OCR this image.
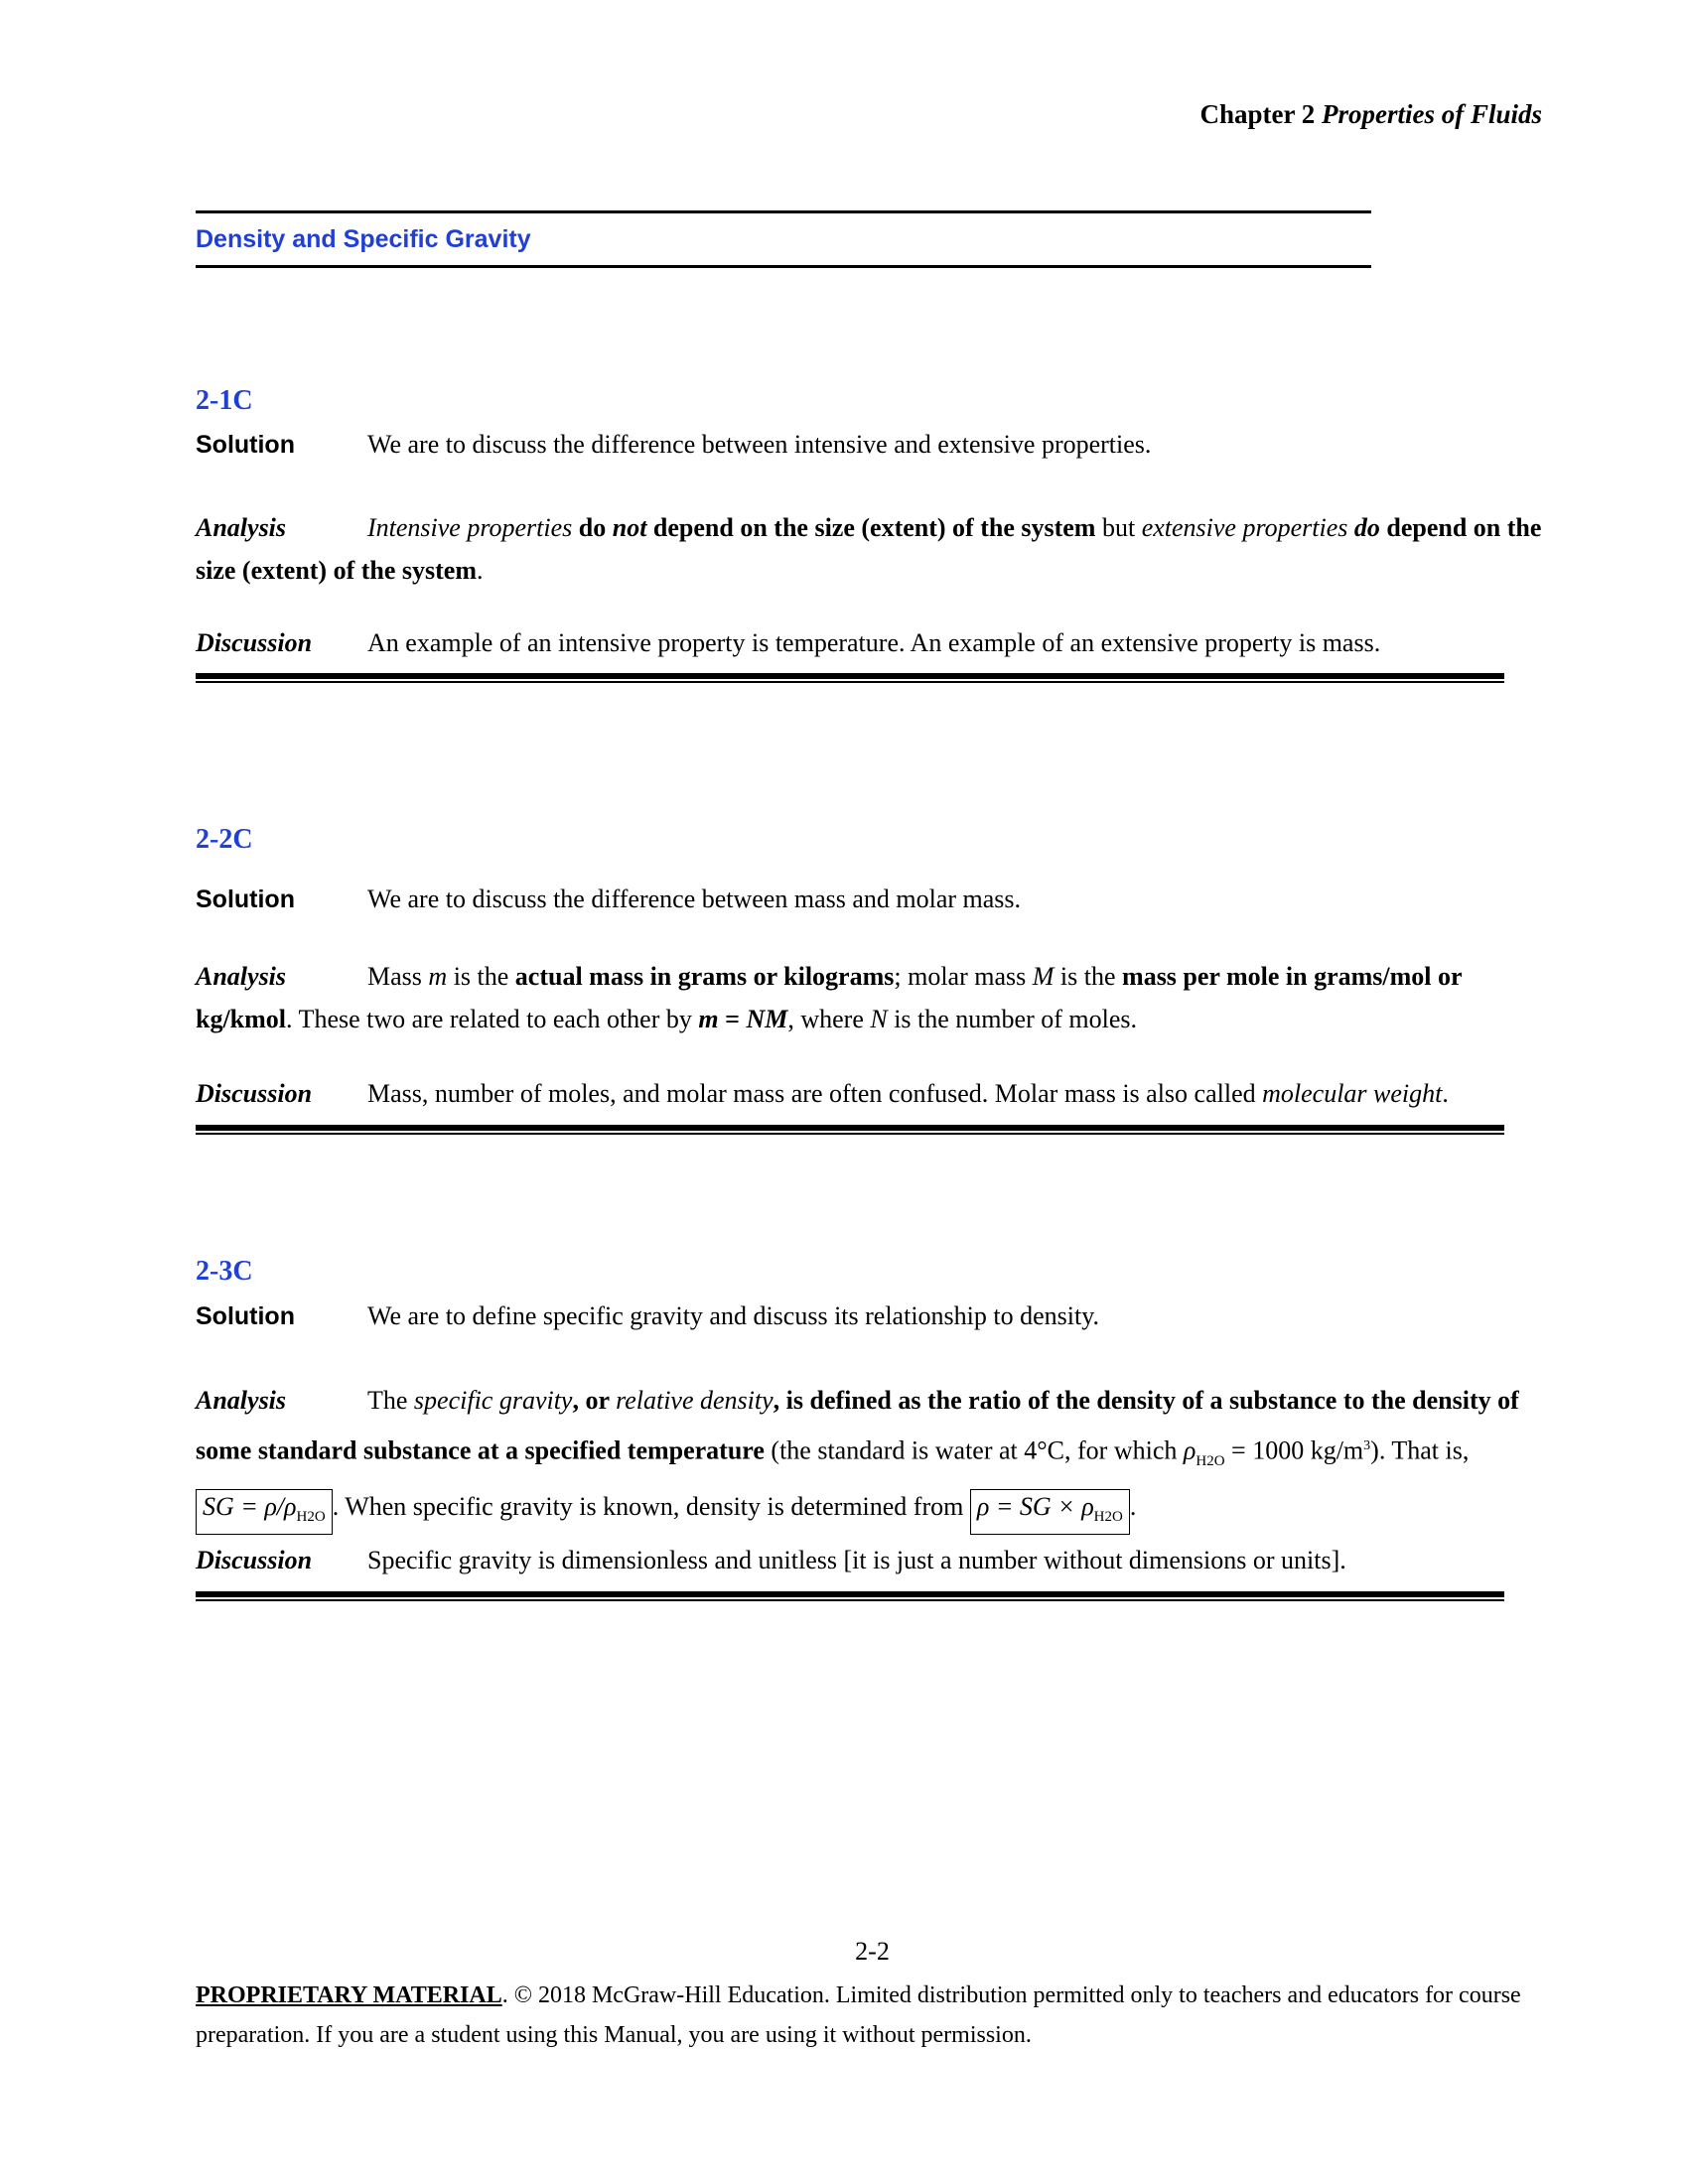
Chapter 2 Properties of Fluids
Density and Specific Gravity
2-1C
Solution	We are to discuss the difference between intensive and extensive properties.
Analysis	Intensive properties do not depend on the size (extent) of the system but extensive properties do depend on the size (extent) of the system.
Discussion An example of an intensive property is temperature. An example of an extensive property is mass.
2-2C
Solution	We are to discuss the difference between mass and molar mass.
Analysis	Mass m is the actual mass in grams or kilograms; molar mass M is the mass per mole in grams/mol or kg/kmol. These two are related to each other by m = NM, where N is the number of moles.
Discussion Mass, number of moles, and molar mass are often confused. Molar mass is also called molecular weight.
2-3C
Solution	We are to define specific gravity and discuss its relationship to density.
Analysis	The specific gravity, or relative density, is defined as the ratio of the density of a substance to the density of some standard substance at a specified temperature (the standard is water at 4°C, for which $\rho_{H2O} = 1000$ $kg/m^3$). That is, SG = $\rho/\rho_{H2O}$ . When specific gravity is known, density is determined from ρ = SG × $\rho_{H2O}$ .
Discussion Specific gravity is dimensionless and unitless [it is just a number without dimensions or units].
2-2
PROPRIETARY MATERIAL. © 2018 McGraw-Hill Education. Limited distribution permitted only to teachers and educators for course preparation. If you are a student using this Manual, you are using it without permission.
